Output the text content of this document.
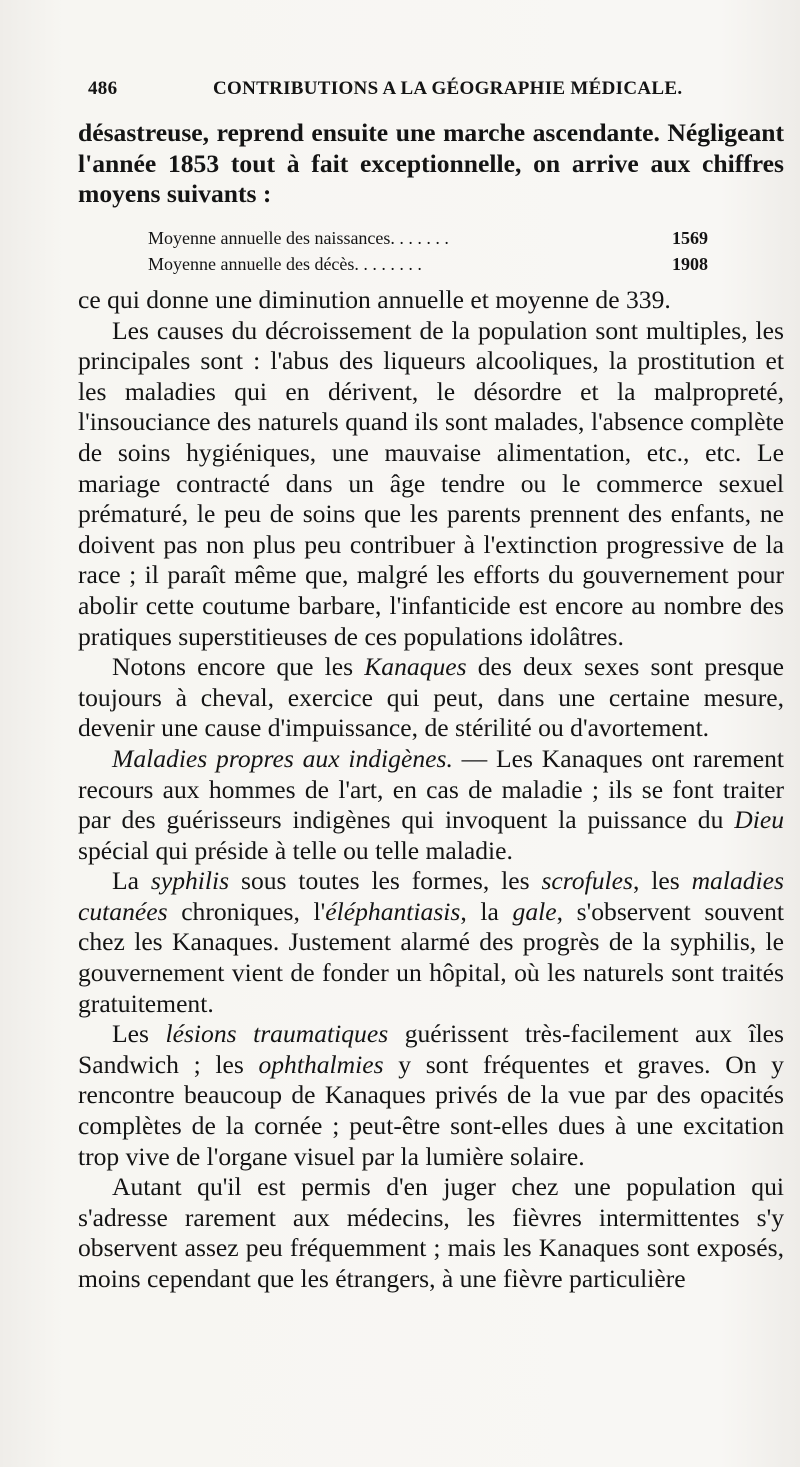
486	CONTRIBUTIONS A LA GÉOGRAPHIE MÉDICALE.

désastreuse, reprend ensuite une marche ascendante. Négligeant l'année 1853 tout à fait exceptionnelle, on arrive aux chiffres moyens suivants :

Moyenne annuelle des naissances. . . . . . .	1569
Moyenne annuelle des décès. . . . . . . .	1908

ce qui donne une diminution annuelle et moyenne de 339.

Les causes du décroissement de la population sont multiples, les principales sont : l'abus des liqueurs alcooliques, la prostitution et les maladies qui en dérivent, le désordre et la malpropreté, l'insouciance des naturels quand ils sont malades, l'absence complète de soins hygiéniques, une mauvaise alimentation, etc., etc. Le mariage contracté dans un âge tendre ou le commerce sexuel prématuré, le peu de soins que les parents prennent des enfants, ne doivent pas non plus peu contribuer à l'extinction progressive de la race ; il paraît même que, malgré les efforts du gouvernement pour abolir cette coutume barbare, l'infanticide est encore au nombre des pratiques superstitieuses de ces populations idolâtres.

Notons encore que les Kanaques des deux sexes sont presque toujours à cheval, exercice qui peut, dans une certaine mesure, devenir une cause d'impuissance, de stérilité ou d'avortement.

Maladies propres aux indigènes. — Les Kanaques ont rarement recours aux hommes de l'art, en cas de maladie ; ils se font traiter par des guérisseurs indigènes qui invoquent la puissance du Dieu spécial qui préside à telle ou telle maladie.

La syphilis sous toutes les formes, les scrofules, les maladies cutanées chroniques, l'éléphantiasis, la gale, s'observent souvent chez les Kanaques. Justement alarmé des progrès de la syphilis, le gouvernement vient de fonder un hôpital, où les naturels sont traités gratuitement.

Les lésions traumatiques guérissent très-facilement aux îles Sandwich ; les ophthalmies y sont fréquentes et graves. On y rencontre beaucoup de Kanaques privés de la vue par des opacités complètes de la cornée ; peut-être sont-elles dues à une excitation trop vive de l'organe visuel par la lumière solaire.

Autant qu'il est permis d'en juger chez une population qui s'adresse rarement aux médecins, les fièvres intermittentes s'y observent assez peu fréquemment ; mais les Kanaques sont exposés, moins cependant que les étrangers, à une fièvre particulière
